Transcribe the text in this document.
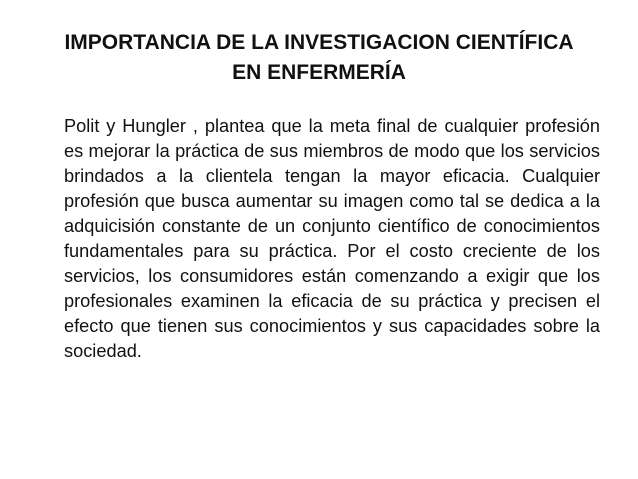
IMPORTANCIA DE LA INVESTIGACION CIENTÍFICA
EN ENFERMERÍA

Polit y Hungler , plantea que la meta final de cualquier profesión es mejorar la práctica de sus miembros de modo que los servicios brindados a la clientela tengan la mayor eficacia. Cualquier profesión que busca aumentar su imagen como tal se dedica a la adquicisión constante de un conjunto científico de conocimientos fundamentales para su práctica. Por el costo creciente de los servicios, los consumidores están comenzando a exigir que los profesionales examinen la eficacia de su práctica y precisen el efecto que tienen sus conocimientos y sus capacidades sobre la sociedad.
